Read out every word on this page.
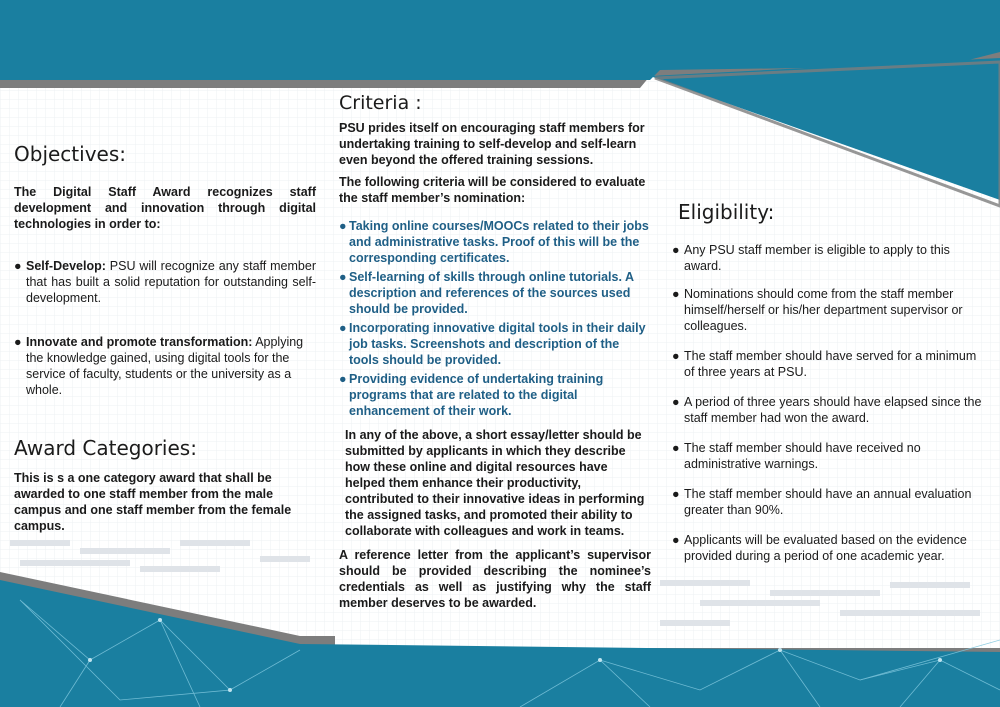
Objectives:
The Digital Staff Award recognizes staff development and innovation through digital technologies in order to:
● Self-Develop: PSU will recognize any staff member that has built a solid reputation for outstanding self-development.
● Innovate and promote transformation: Applying the knowledge gained, using digital tools for the service of faculty, students or the university as a whole.
Award Categories:
This is s a one category award that shall be awarded to one staff member from the male campus and one staff member from the female campus.
Criteria :
PSU prides itself on encouraging staff members for undertaking training to self-develop and self-learn even beyond the offered training sessions.
The following criteria will be considered to evaluate the staff member’s nomination:
● Taking online courses/MOOCs related to their jobs and administrative tasks. Proof of this will be the corresponding certificates.
● Self-learning of skills through online tutorials. A description and references of the sources used should be provided.
● Incorporating innovative digital tools in their daily job tasks. Screenshots and description of the tools should be provided.
● Providing evidence of undertaking training programs that are related to the digital enhancement of their work.
In any of the above, a short essay/letter should be submitted by applicants in which they describe how these online and digital resources have helped them enhance their productivity, contributed to their innovative ideas in performing the assigned tasks, and promoted their ability to collaborate with colleagues and work in teams.
A reference letter from the applicant’s supervisor should be provided describing the nominee’s credentials as well as justifying why the staff member deserves to be awarded.
Eligibility:
● Any PSU staff member is eligible to apply to this award.
● Nominations should come from the staff member himself/herself or his/her department supervisor or colleagues.
● The staff member should have served for a minimum of three years at PSU.
● A period of three years should have elapsed since the staff member had won the award.
● The staff member should have received no administrative warnings.
● The staff member should have an annual evaluation greater than 90%.
● Applicants will be evaluated based on the evidence provided during a period of one academic year.
